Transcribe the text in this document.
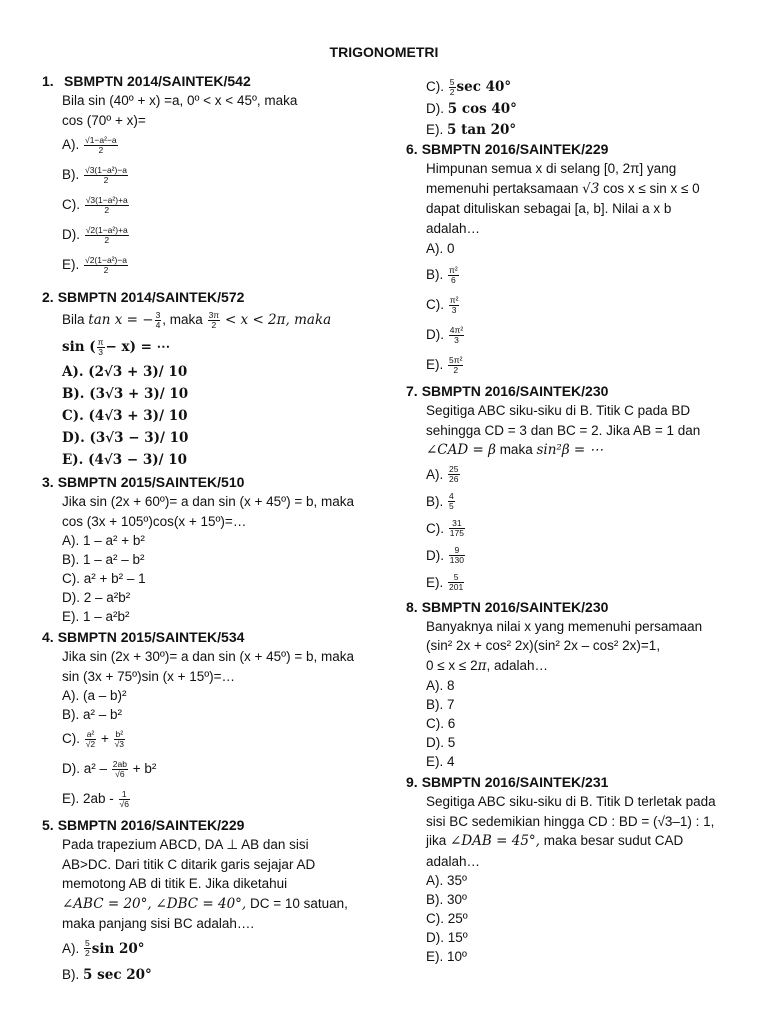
TRIGONOMETRI
1. SBMPTN 2014/SAINTEK/542
Bila sin (40º + x) =a, 0º < x < 45º, maka
cos (70º + x)=
A). $\frac{\text{√1−a²−a}}{2}$
B). $\frac{\text{√3(1−a²)−a}}{2}$
C). $\frac{\text{√3(1−a²)+a}}{2}$
D). $\frac{\text{√2(1−a²)+a}}{2}$
E). $\frac{\text{√2(1−a²)−a}}{2}$
2. SBMPTN 2014/SAINTEK/572
Bila tan x = − $\frac{3}{4}$ , maka $\frac{3\pi}{2} < x < 2\pi$, maka
sin ( $\frac{\pi}{3} - x$) = ⋯
A). (2√3 + 3)/ 10
B). (3√3 + 3)/ 10
C). (4√3 + 3)/ 10
D). (3√3 − 3)/ 10
E). (4√3 − 3)/ 10
3. SBMPTN 2015/SAINTEK/510
Jika sin (2x + 60º)= a dan sin (x + 45º) = b, maka
cos (3x + 105º)cos(x + 15º)=…
A). 1 – a² + b²
B). 1 – a² – b²
C). a² + b² – 1
D). 2 – a²b²
E). 1 – a²b²
4. SBMPTN 2015/SAINTEK/534
Jika sin (2x + 30º)= a dan sin (x + 45º) = b, maka
sin (3x + 75º)sin (x + 15º)=…
A). (a – b)²
B). a² – b²
C). $\frac{\text{a²}}{√2} + \frac{\text{b²}}{√3}$
D). $a^2 - \frac{2ab}{√6} + b^2$
E). $2ab - \frac{1}{√6}$
5. SBMPTN 2016/SAINTEK/229
Pada trapezium ABCD, DA ⊥ AB dan sisi
AB>DC. Dari titik C ditarik garis sejajar AD
memotong AB di titik E. Jika diketahui
∠ABC = 20°, ∠DBC = 40°, DC = 10 satuan,
maka panjang sisi BC adalah….
A). $\frac{5}{2}$ sin 20°
B). 5 sec 20°
C). $\frac{5}{2}$ sec 40°
D). 5 cos 40°
E). 5 tan 20°
6. SBMPTN 2016/SAINTEK/229
Himpunan semua x di selang [0, 2π] yang
memenuhi pertaksamaan √3 cos x ≤ sin x ≤ 0
dapat dituliskan sebagai [a, b]. Nilai a x b
adalah…
A). 0
B). $\frac{\text{π²}}{6}$
C). $\frac{\text{π²}}{3}$
D). $\frac{\text{4π²}}{3}$
E). $\frac{\text{5π²}}{2}$
7. SBMPTN 2016/SAINTEK/230
Segitiga ABC siku-siku di B. Titik C pada BD
sehingga CD = 3 dan BC = 2. Jika AB = 1 dan
∠CAD = β maka sin²β = ⋯
A). $\frac{25}{26}$
B). $\frac{4}{5}$
C). $\frac{31}{175}$
D). $\frac{9}{130}$
E). $\frac{5}{201}$
8. SBMPTN 2016/SAINTEK/230
Banyaknya nilai x yang memenuhi persamaan
(sin² 2x + cos² 2x)(sin² 2x – cos² 2x)=1,
0 ≤ x ≤ 2π, adalah…
A). 8
B). 7
C). 6
D). 5
E). 4
9. SBMPTN 2016/SAINTEK/231
Segitiga ABC siku-siku di B. Titik D terletak pada
sisi BC sedemikian hingga CD : BD = (√3–1) : 1,
jika ∠DAB = 45°, maka besar sudut CAD
adalah…
A). 35º
B). 30º
C). 25º
D). 15º
E). 10º
